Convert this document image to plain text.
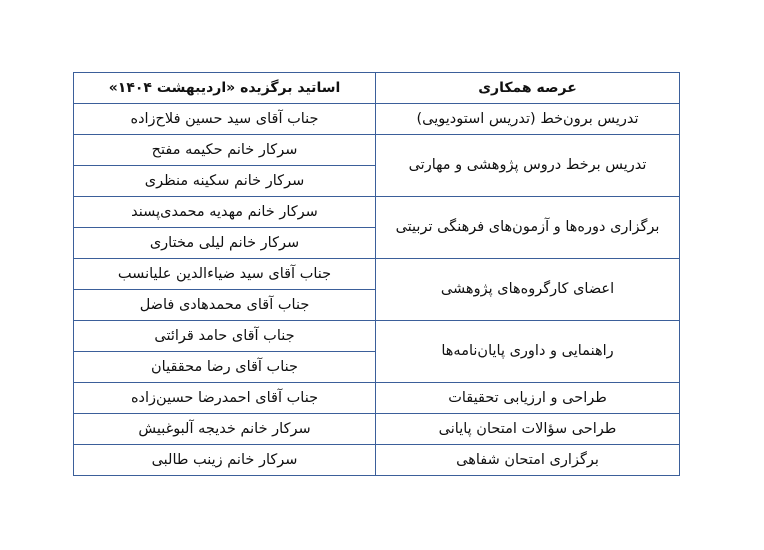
عرصه همکاری	اساتید برگزیده «اردیبهشت ۱۴۰۴»
تدریس برون‌خط (تدریس استودیویی)	جناب آقای سید حسین فلاح‌زاده
تدریس برخط دروس پژوهشی و مهارتی	سرکار خانم حکیمه مفتح
	سرکار خانم سکینه منظری
برگزاری دوره‌ها و آزمون‌های فرهنگی تربیتی	سرکار خانم مهدیه محمدی‌پسند
	سرکار خانم لیلی مختاری
اعضای کارگروه‌های پژوهشی	جناب آقای سید ضیاءالدین علیانسب
	جناب آقای محمدهادی فاضل
راهنمایی و داوری پایان‌نامه‌ها	جناب آقای حامد قرائتی
	جناب آقای رضا محققیان
طراحی و ارزیابی تحقیقات	جناب آقای احمدرضا حسین‌زاده
طراحی سؤالات امتحان پایانی	سرکار خانم خدیجه آلبوغبیش
برگزاری امتحان شفاهی	سرکار خانم زینب طالبی
